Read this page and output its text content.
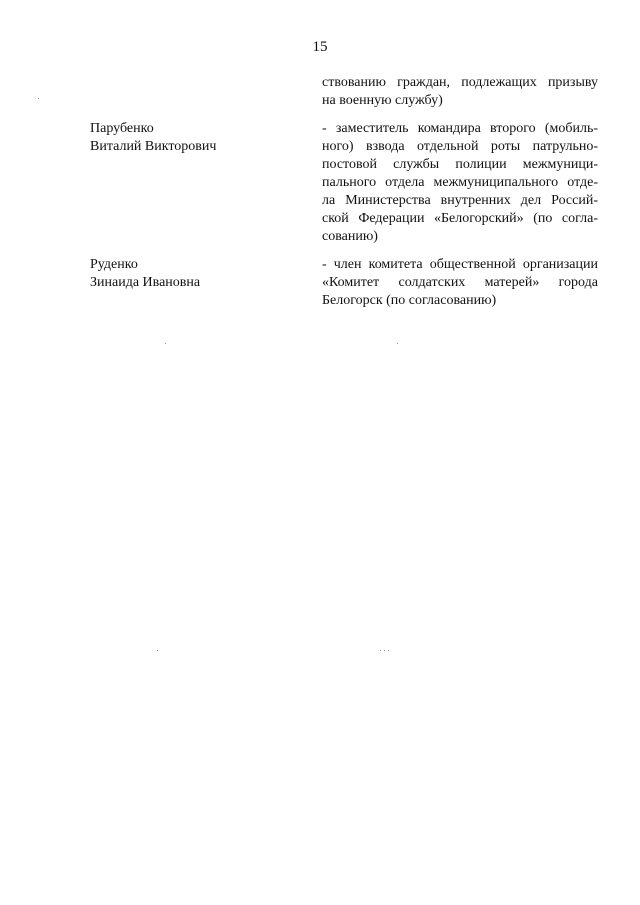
15
ствованию граждан, подлежащих призыву
на военную службу)
Парубенко
Виталий Викторович
- заместитель командира второго (мобиль-
ного) взвода отдельной роты патрульно-
постовой службы полиции межмуници-
пального отдела межмуниципального отде-
ла Министерства внутренних дел Россий-
ской Федерации «Белогорский» (по согла-
сованию)
Руденко
Зинаида Ивановна
- член комитета общественной организации
«Комитет солдатских матерей» города
Белогорск (по согласованию)
